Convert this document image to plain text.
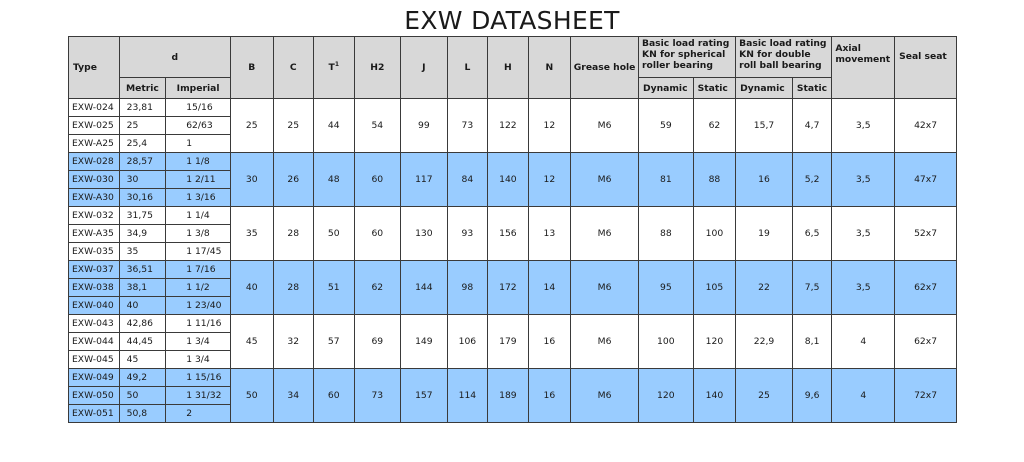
EXW DATASHEET
Type	d		B	C	$T^1$	H2	J	L	H	N	Grease hole	Basic load rating KN for spherical roller bearing		Basic load rating KN for double roll ball bearing		Axial movement	Seal seat
	Metric	Imperial										Dynamic	Static	Dynamic	Static		
EXW-024	23,81	15/16	25	25	44	54	99	73	122	12	M6	59	62	15,7	4,7	3,5	42x7
EXW-025	25	62/63															
EXW-A25	25,4	1															
EXW-028	28,57	1 1/8	30	26	48	60	117	84	140	12	M6	81	88	16	5,2	3,5	47x7
EXW-030	30	1 2/11															
EXW-A30	30,16	1 3/16															
EXW-032	31,75	1 1/4	35	28	50	60	130	93	156	13	M6	88	100	19	6,5	3,5	52x7
EXW-A35	34,9	1 3/8															
EXW-035	35	1 17/45															
EXW-037	36,51	1 7/16	40	28	51	62	144	98	172	14	M6	95	105	22	7,5	3,5	62x7
EXW-038	38,1	1 1/2															
EXW-040	40	1 23/40															
EXW-043	42,86	1 11/16	45	32	57	69	149	106	179	16	M6	100	120	22,9	8,1	4	62x7
EXW-044	44,45	1 3/4															
EXW-045	45	1 3/4															
EXW-049	49,2	1 15/16	50	34	60	73	157	114	189	16	M6	120	140	25	9,6	4	72x7
EXW-050	50	1 31/32															
EXW-051	50,8	2															
